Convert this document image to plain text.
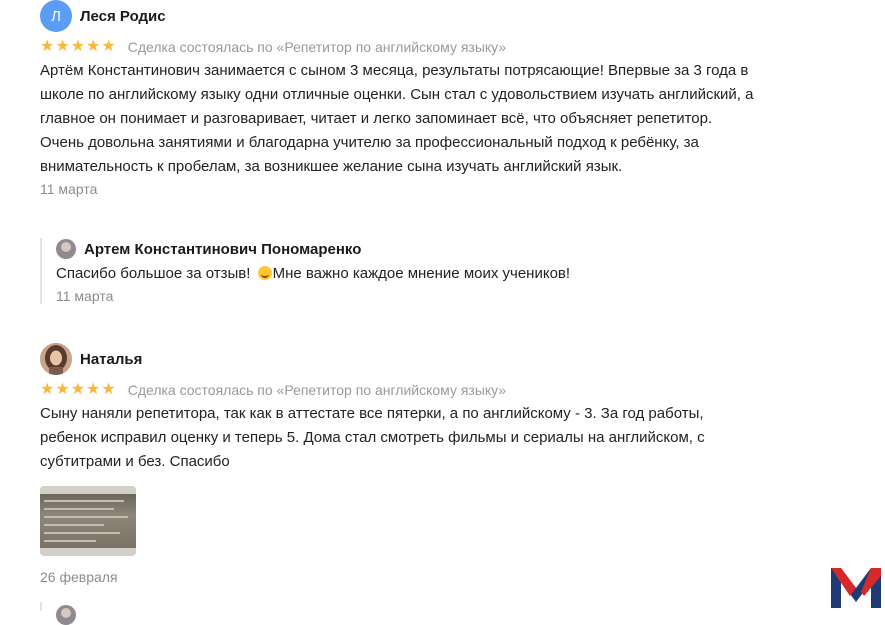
Л	Леся Родис
★ ★ ★ ★ ★ Сделка состоялась по «Репетитор по английскому языку»
Артём Константинович занимается с сыном 3 месяца, результаты потрясающие! Впервые за 3 года в школе по английскому языку одни отличные оценки. Сын стал с удовольствием изучать английский, а главное он понимает и разговаривает, читает и легко запоминает всё, что объясняет репетитор. Очень довольна занятиями и благодарна учителю за профессиональный подход к ребёнку, за внимательность к пробелам, за возникшее желание сына изучать английский язык.
11 марта
Артем Константинович Пономаренко
Спасибо большое за отзыв! Мне важно каждое мнение моих учеников!
11 марта
Наталья
★ ★ ★ ★ ★ Сделка состоялась по «Репетитор по английскому языку»
Сыну наняли репетитора, так как в аттестате все пятерки, а по английскому - 3. За год работы, ребенок исправил оценку и теперь 5. Дома стал смотреть фильмы и сериалы на английском, с субтитрами и без. Спасибо
26 февраля
